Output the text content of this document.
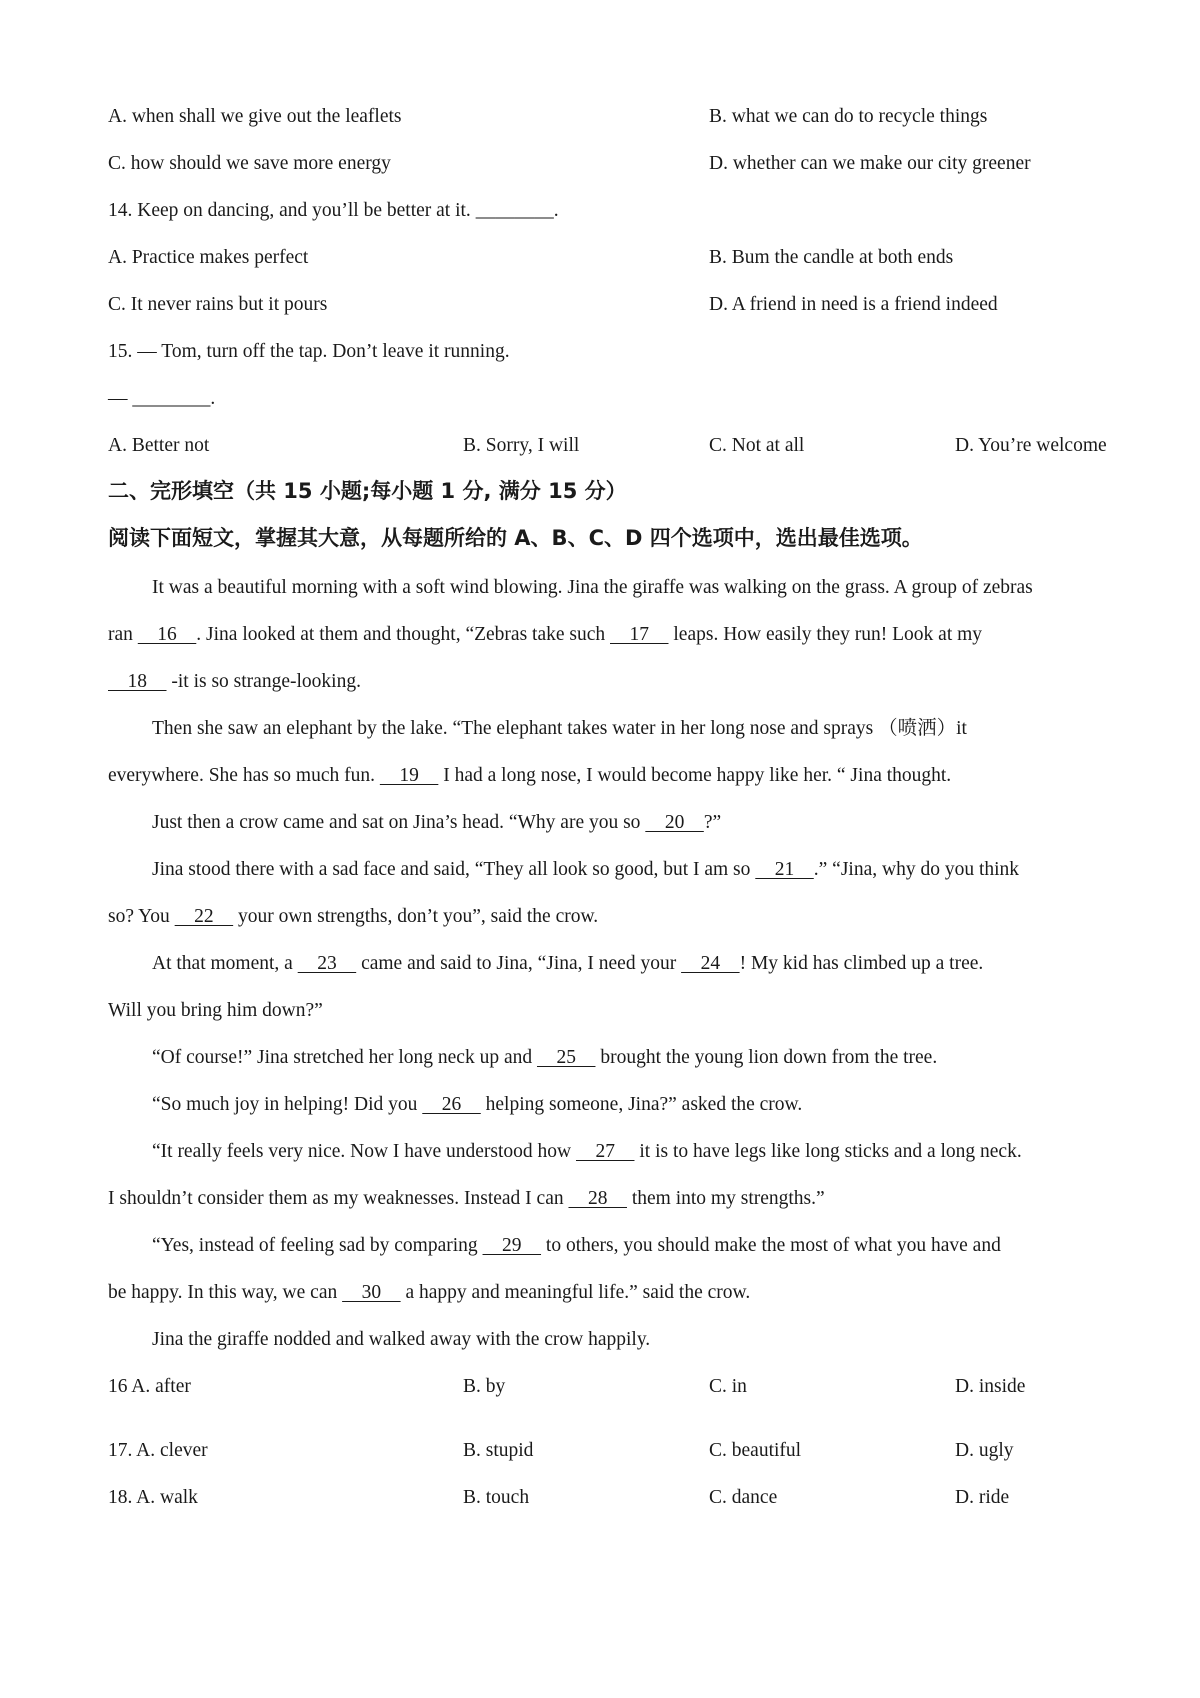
A. when shall we give out the leaflets	B. what we can do to recycle things
C. how should we save more energy	D. whether can we make our city greener
14. Keep on dancing, and you’ll be better at it. ________.
A. Practice makes perfect	B. Bum the candle at both ends
C. It never rains but it pours	D. A friend in need is a friend indeed
15. — Tom, turn off the tap. Don’t leave it running.
— ________.
A. Better not	B. Sorry, I will	C. Not at all	D. You’re welcome
二、完形填空（共 15 小题;每小题 1 分, 满分 15 分）
阅读下面短文，掌握其大意，从每题所给的 A、B、C、D 四个选项中，选出最佳选项。
It was a beautiful morning with a soft wind blowing. Jina the giraffe was walking on the grass. A group of zebras
ran     16    . Jina looked at them and thought, “Zebras take such     17     leaps. How easily they run! Look at my
18     -it is so strange-looking.
Then she saw an elephant by the lake. “The elephant takes water in her long nose and sprays （喷洒）it
everywhere. She has so much fun.     19     I had a long nose, I would become happy like her. “ Jina thought.
Just then a crow came and sat on Jina’s head. “Why are you so     20    ?”
Jina stood there with a sad face and said, “They all look so good, but I am so     21    .” “Jina, why do you think
so? You     22     your own strengths, don’t you”, said the crow.
At that moment, a     23     came and said to Jina, “Jina, I need your     24    ! My kid has climbed up a tree.
Will you bring him down?”
“Of course!” Jina stretched her long neck up and     25     brought the young lion down from the tree.
“So much joy in helping! Did you     26     helping someone, Jina?” asked the crow.
“It really feels very nice. Now I have understood how     27     it is to have legs like long sticks and a long neck.
I shouldn’t consider them as my weaknesses. Instead I can     28     them into my strengths.”
“Yes, instead of feeling sad by comparing     29     to others, you should make the most of what you have and
be happy. In this way, we can     30     a happy and meaningful life.” said the crow.
Jina the giraffe nodded and walked away with the crow happily.
16 A. after	B. by	C. in	D. inside
17. A. clever	B. stupid	C. beautiful	D. ugly
18. A. walk	B. touch	C. dance	D. ride
